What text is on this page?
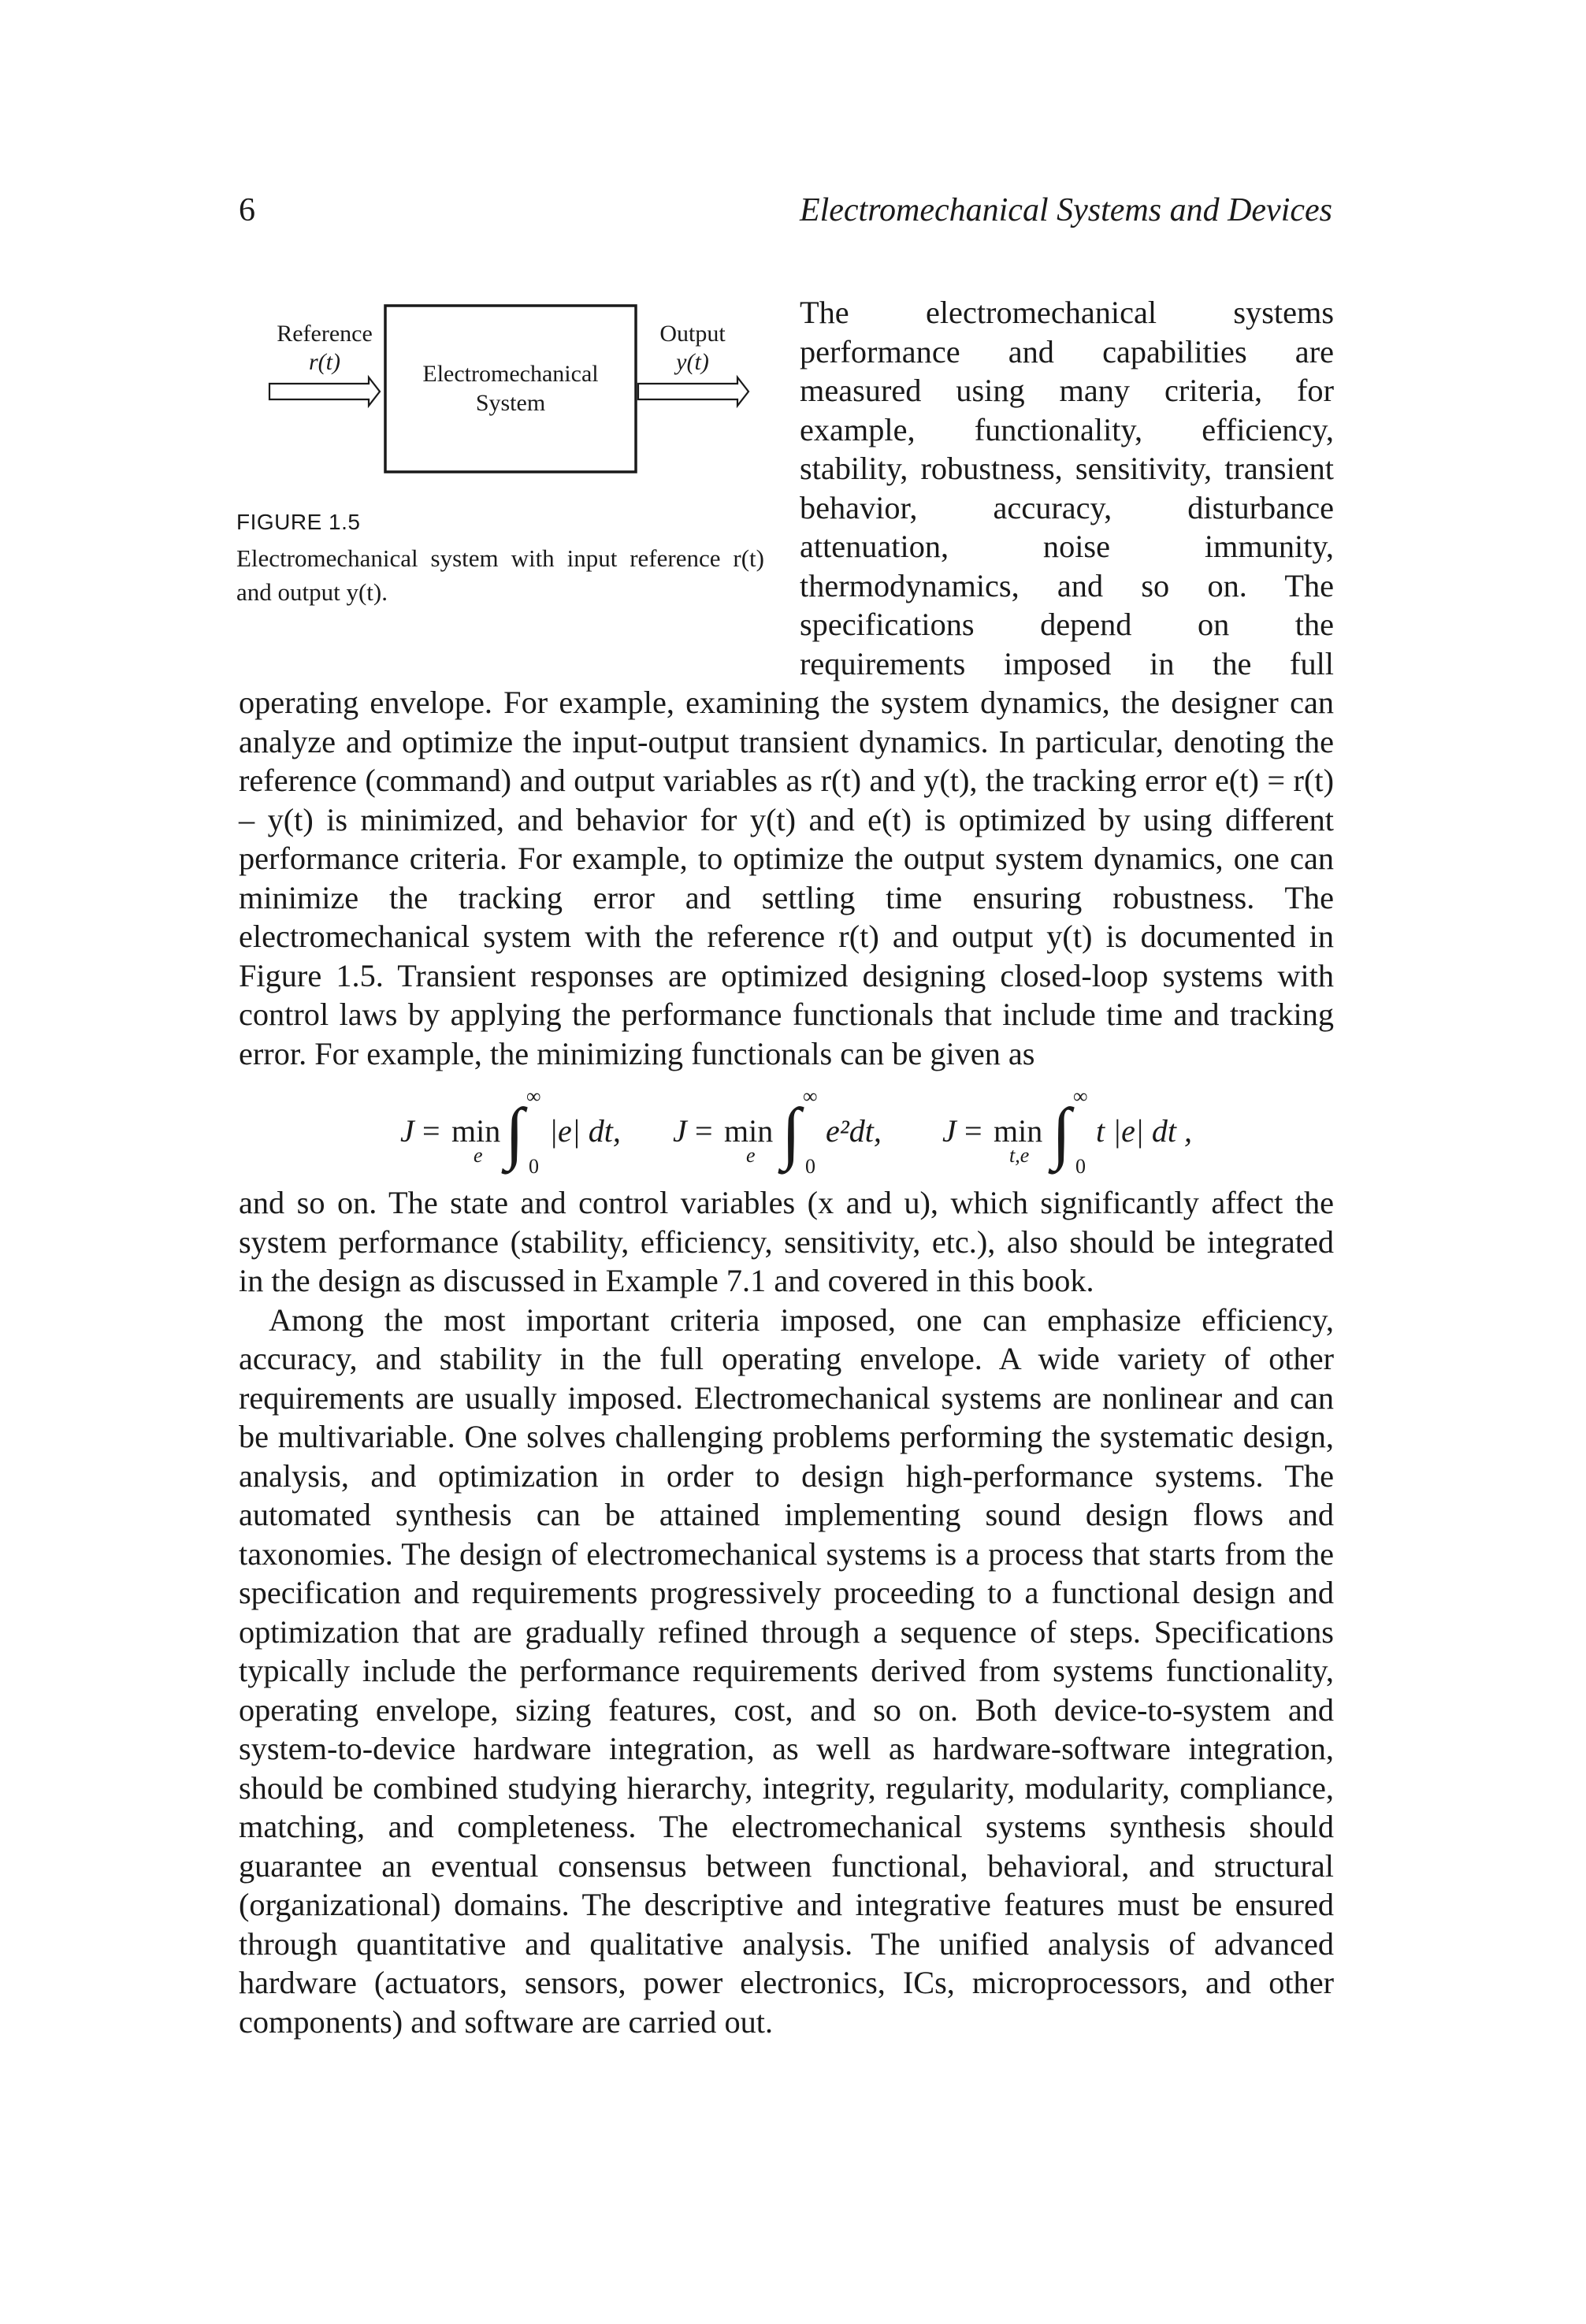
6	Electromechanical Systems and Devices
Reference
r(t)	Electromechanical
System
Output
y(t)
FIGURE 1.5
Electromechanical system with input reference r(t) and output y(t).

The electromechanical systems performance and capabilities are measured using many criteria, for example, functionality, efficiency, stability, robustness, sensitivity, transient behavior, accuracy, disturbance attenuation, noise immunity, thermodynamics, and so on. The specifications depend on the requirements imposed in the full operating envelope. For example, examining the system dynamics, the designer can analyze and optimize the input-output transient dynamics. In particular, denoting the reference (command) and output variables as r(t) and y(t), the tracking error e(t) = r(t) – y(t) is minimized, and behavior for y(t) and e(t) is optimized by using different performance criteria. For example, to optimize the output system dynamics, one can minimize the tracking error and settling time ensuring robustness. The electromechanical system with the reference r(t) and output y(t) is documented in Figure 1.5. Transient responses are optimized designing closed-loop systems with control laws by applying the performance functionals that include time and tracking error. For example, the minimizing functionals can be given as

J = min
e ∫ ∞
0
|e| dt, J = min
e ∫ ∞
0
e²dt, J = min
t,e ∫ ∞
0
t |e| dt ,

and so on. The state and control variables (x and u), which significantly affect the system performance (stability, efficiency, sensitivity, etc.), also should be integrated in the design as discussed in Example 7.1 and covered in this book.

Among the most important criteria imposed, one can emphasize efficiency, accuracy, and stability in the full operating envelope. A wide variety of other requirements are usually imposed. Electromechanical systems are nonlinear and can be multivariable. One solves challenging problems performing the systematic design, analysis, and optimization in order to design high-performance systems. The automated synthesis can be attained implementing sound design flows and taxonomies. The design of electromechanical systems is a process that starts from the specification and requirements progressively proceeding to a functional design and optimization that are gradually refined through a sequence of steps. Specifications typically include the performance requirements derived from systems functionality, operating envelope, sizing features, cost, and so on. Both device-to-system and system-to-device hardware integration, as well as hardware-software integration, should be combined studying hierarchy, integrity, regularity, modularity, compliance, matching, and completeness. The electromechanical systems synthesis should guarantee an eventual consensus between functional, behavioral, and structural (organizational) domains. The descriptive and integrative features must be ensured through quantitative and qualitative analysis. The unified analysis of advanced hardware (actuators, sensors, power electronics, ICs, microprocessors, and other components) and software are carried out.
